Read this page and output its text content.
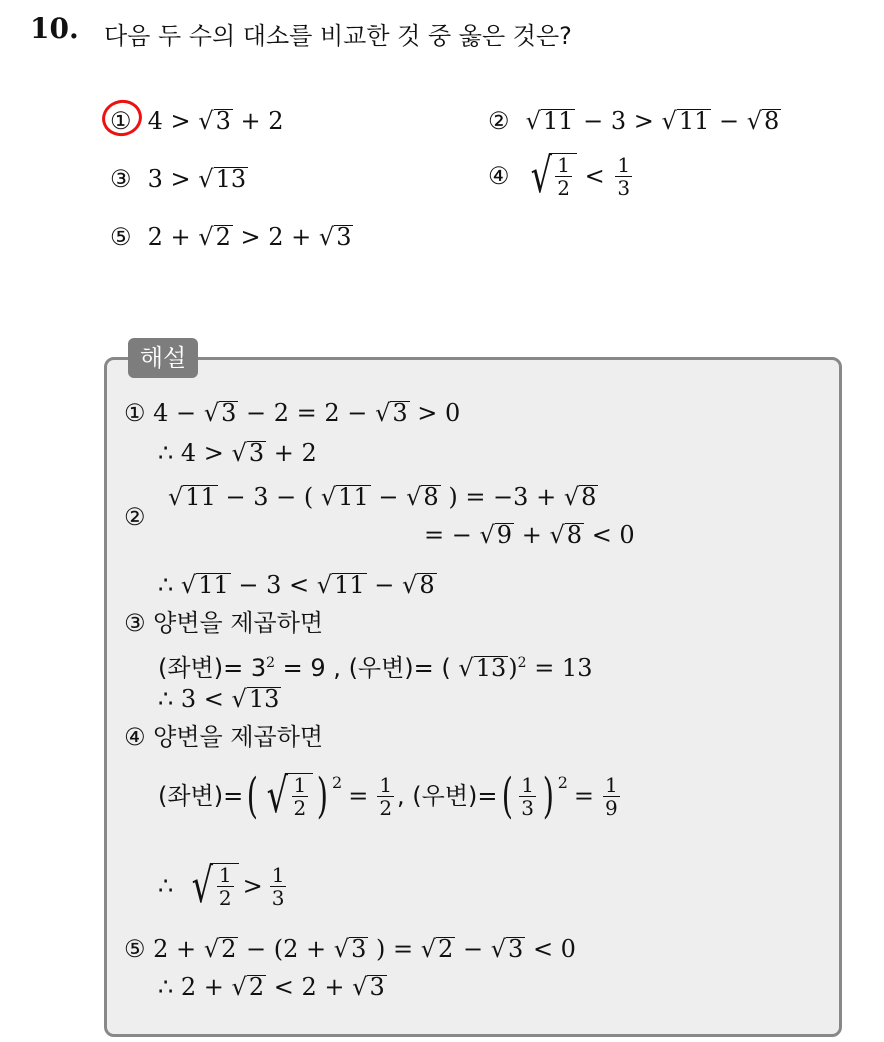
10. 다음 두 수의 대소를 비교한 것 중 옳은 것은?
① 4 > √3 + 2	② √11 − 3 > √11 − √8
③ 3 > √13	④ √ $\frac{1}{2} < \frac{1}{3}$
⑤ 2 + √2 > 2 + √3
해설
① 4 − √3 − 2 = 2 − √3 > 0
∴ 4 > √3 + 2
②
√11 − 3 − ( √11 − √8 ) = −3 + √8
= − √9 + √8 < 0
∴ √11 − 3 < √11 − √8
③ 양변을 제곱하면
(좌변)= $3^2 = 9$ , (우변)= ( √13)$^2$ = 13
∴ 3 < √13
④ 양변을 제곱하면
(좌변)= ( √ $\frac{1}{2} )^2 = \frac{1}{2}$ , (우변)= ( $\frac{1}{3} )^2 = \frac{1}{9}$
∴ √ $\frac{1}{2} > \frac{1}{3}$
⑤ 2 + √2 − (2 + √3 ) = √2 − √3 < 0
∴ 2 + √2 < 2 + √3
